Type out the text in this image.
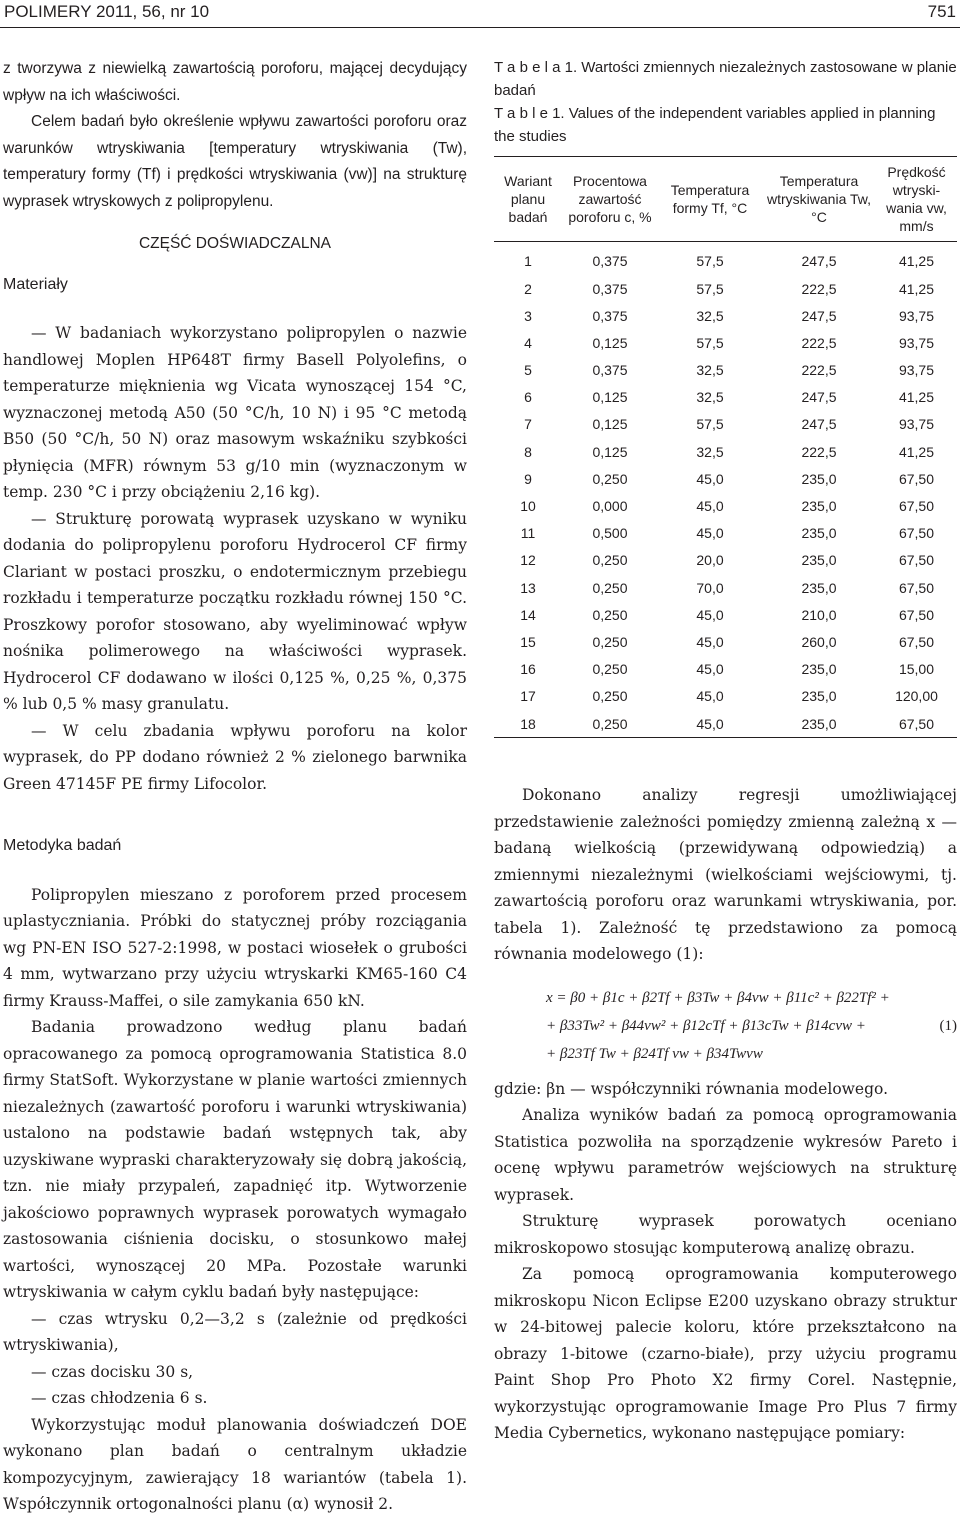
POLIMERY 2011, 56, nr 10	751

z tworzywa z niewielką zawartością poroforu, mającej decydujący wpływ na ich właściwości.

Celem badań było określenie wpływu zawartości poroforu oraz warunków wtryskiwania [temperatury wtryskiwania (Tw), temperatury formy (Tf) i prędkości wtryskiwania (vw)] na strukturę wyprasek wtryskowych z polipropylenu.

CZĘŚĆ DOŚWIADCZALNA

Materiały

— W badaniach wykorzystano polipropylen o nazwie handlowej Moplen HP648T firmy Basell Polyolefins, o temperaturze mięknienia wg Vicata wynoszącej 154 °C, wyznaczonej metodą A50 (50 °C/h, 10 N) i 95 °C metodą B50 (50 °C/h, 50 N) oraz masowym wskaźniku szybkości płynięcia (MFR) równym 53 g/10 min (wyznaczonym w temp. 230 °C i przy obciążeniu 2,16 kg).

— Strukturę porowatą wyprasek uzyskano w wyniku dodania do polipropylenu poroforu Hydrocerol CF firmy Clariant w postaci proszku, o endotermicznym przebiegu rozkładu i temperaturze początku rozkładu równej 150 °C. Proszkowy porofor stosowano, aby wyeliminować wpływ nośnika polimerowego na właściwości wyprasek. Hydrocerol CF dodawano w ilości 0,125 %, 0,25 %, 0,375 % lub 0,5 % masy granulatu.

— W celu zbadania wpływu poroforu na kolor wyprasek, do PP dodano również 2 % zielonego barwnika Green 47145F PE firmy Lifocolor.

Metodyka badań

Polipropylen mieszano z poroforem przed procesem uplastyczniania. Próbki do statycznej próby rozciągania wg PN-EN ISO 527-2:1998, w postaci wiosełek o grubości 4 mm, wytwarzano przy użyciu wtryskarki KM65-160 C4 firmy Krauss-Maffei, o sile zamykania 650 kN.

Badania prowadzono według planu badań opracowanego za pomocą oprogramowania Statistica 8.0 firmy StatSoft. Wykorzystane w planie wartości zmiennych niezależnych (zawartość poroforu i warunki wtryskiwania) ustalono na podstawie badań wstępnych tak, aby uzyskiwane wypraski charakteryzowały się dobrą jakością, tzn. nie miały przypaleń, zapadnięć itp. Wytworzenie jakościowo poprawnych wyprasek porowatych wymagało zastosowania ciśnienia docisku, o stosunkowo małej wartości, wynoszącej 20 MPa. Pozostałe warunki wtryskiwania w całym cyklu badań były następujące:

— czas wtrysku 0,2—3,2 s (zależnie od prędkości wtryskiwania),

— czas docisku 30 s,

— czas chłodzenia 6 s.

Wykorzystując moduł planowania doświadczeń DOE wykonano plan badań o centralnym układzie kompozycyjnym, zawierający 18 wariantów (tabela 1). Współczynnik ortogonalności planu (α) wynosił 2.

T a b e l a 1. Wartości zmiennych niezależnych zastosowane w planie badań

T a b l e 1. Values of the independent variables applied in planning the studies

Wariant planu badań	Procentowa zawartość poroforu c, %	Temperatura formy Tf, °C	Temperatura wtryskiwania Tw, °C	Prędkość wtryski-wania vw, mm/s
1	0,375	57,5	247,5	41,25
2	0,375	57,5	222,5	41,25
3	0,375	32,5	247,5	93,75
4	0,125	57,5	222,5	93,75
5	0,375	32,5	222,5	93,75
6	0,125	32,5	247,5	41,25
7	0,125	57,5	247,5	93,75
8	0,125	32,5	222,5	41,25
9	0,250	45,0	235,0	67,50
10	0,000	45,0	235,0	67,50
11	0,500	45,0	235,0	67,50
12	0,250	20,0	235,0	67,50
13	0,250	70,0	235,0	67,50
14	0,250	45,0	210,0	67,50
15	0,250	45,0	260,0	67,50
16	0,250	45,0	235,0	15,00
17	0,250	45,0	235,0	120,00
18	0,250	45,0	235,0	67,50

Dokonano analizy regresji umożliwiającej przedstawienie zależności pomiędzy zmienną zależną x — badaną wielkością (przewidywaną odpowiedzią) a zmiennymi niezależnymi (wielkościami wejściowymi, tj. zawartością poroforu oraz warunkami wtryskiwania, por. tabela 1). Zależność tę przedstawiono za pomocą równania modelowego (1):

x = β0 + β1c + β2Tf + β3Tw + β4vw + β11c² + β22Tf² +
+ β33Tw² + β44vw² + β12cTf + β13cTw + β14cvw +
+ β23Tf Tw + β24Tf vw + β34Twvw
(1)

gdzie: βn — współczynniki równania modelowego.

Analiza wyników badań za pomocą oprogramowania Statistica pozwoliła na sporządzenie wykresów Pareto i ocenę wpływu parametrów wejściowych na strukturę wyprasek.

Strukturę wyprasek porowatych oceniano mikroskopowo stosując komputerową analizę obrazu.

Za pomocą oprogramowania komputerowego mikroskopu Nicon Eclipse E200 uzyskano obrazy struktur w 24-bitowej palecie koloru, które przekształcono na obrazy 1-bitowe (czarno-białe), przy użyciu programu Paint Shop Pro Photo X2 firmy Corel. Następnie, wykorzystując oprogramowanie Image Pro Plus 7 firmy Media Cybernetics, wykonano następujące pomiary:
